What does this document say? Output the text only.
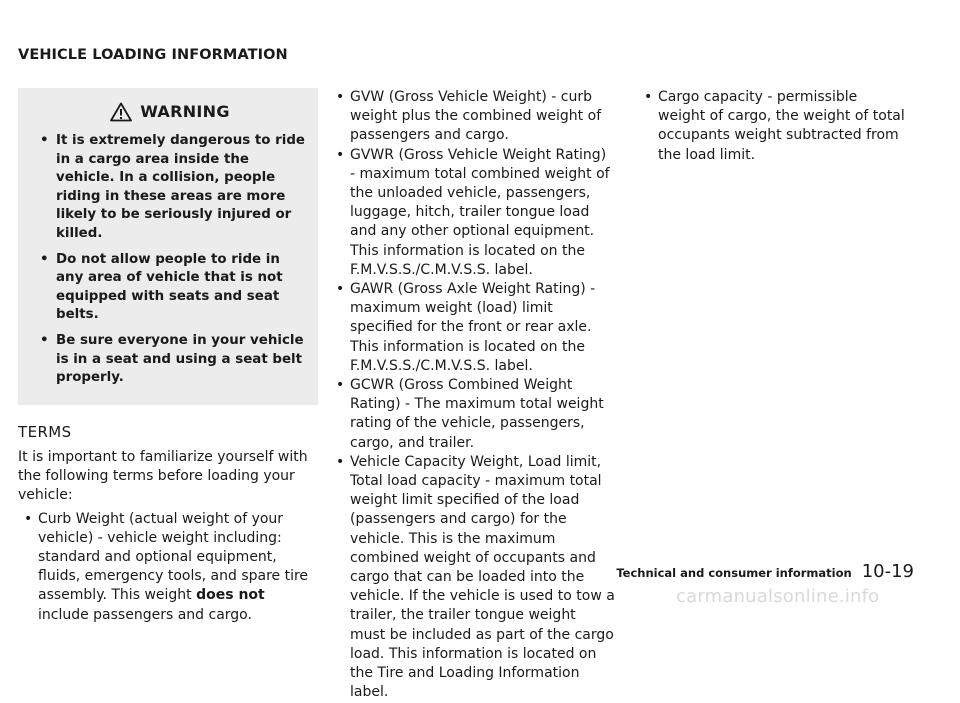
VEHICLE LOADING INFORMATION
WARNING
• It is extremely dangerous to ride in a cargo area inside the vehicle. In a collision, people riding in these areas are more likely to be seriously injured or killed.
• Do not allow people to ride in any area of vehicle that is not equipped with seats and seat belts.
• Be sure everyone in your vehicle is in a seat and using a seat belt properly.
TERMS

It is important to familiarize yourself with the following terms before loading your vehicle:

• Curb Weight (actual weight of your vehicle) - vehicle weight including: standard and optional equipment, fluids, emergency tools, and spare tire assembly. This weight does not include passengers and cargo.
• GVW (Gross Vehicle Weight) - curb weight plus the combined weight of passengers and cargo.
• GVWR (Gross Vehicle Weight Rating) - maximum total combined weight of the unloaded vehicle, passengers, luggage, hitch, trailer tongue load and any other optional equipment. This information is located on the F.M.V.S.S./C.M.V.S.S. label.
• GAWR (Gross Axle Weight Rating) - maximum weight (load) limit specified for the front or rear axle. This information is located on the F.M.V.S.S./C.M.V.S.S. label.
• GCWR (Gross Combined Weight Rating) - The maximum total weight rating of the vehicle, passengers, cargo, and trailer.
• Vehicle Capacity Weight, Load limit, Total load capacity - maximum total weight limit specified of the load (passengers and cargo) for the vehicle. This is the maximum combined weight of occupants and cargo that can be loaded into the vehicle. If the vehicle is used to tow a trailer, the trailer tongue weight must be included as part of the cargo load. This information is located on the Tire and Loading Information label.
• Cargo capacity - permissible weight of cargo, the weight of total occupants weight subtracted from the load limit.
Technical and consumer information 10-19
carmanualsonline.info
